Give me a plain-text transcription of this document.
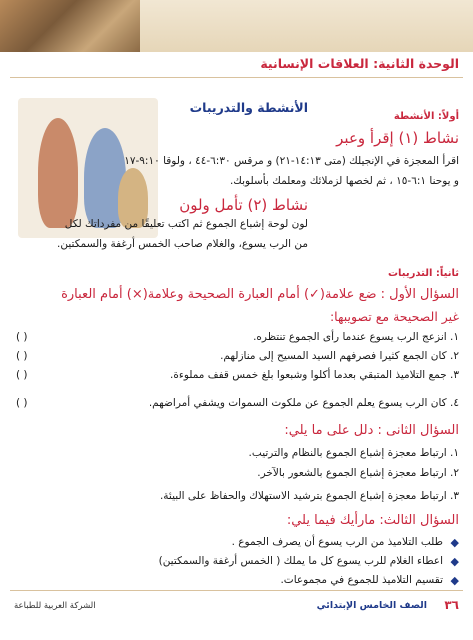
الوحدة الثانية: العلاقات الإنسانية
الأنشطة والتدريبات
أولاً: الأنشطة
نشاط (١) إقرأ وعبر
اقرأ المعجزة في الإنجيلك (متى ١٤:١٣-٢١) و مرقس ٦:٣٠-٤٤ ، ولوقا ٩:١٠-١٧
و يوحنا ٦:١-١٥ ، ثم لخصها لزملائك ومعلمك بأسلوبك.
نشاط (٢) تأمل ولون
لون لوحة إشباع الجموع ثم اكتب تعليقًا من مفرداتك لكل
من الرب يسوع، والغلام صاحب الخمس أرغفة والسمكتين.
ثانياً: التدريبات
السؤال الأول : ضع علامة(✓) أمام العبارة الصحيحة وعلامة(×) أمام العبارة
غير الصحيحة مع تصويبها:
١. انزعج الرب يسوع عندما رأى الجموع تنتظره.
( )
٢. كان الجمع كثيرا فصرفهم السيد المسيح إلى منازلهم.
( )
٣. جمع التلاميذ المتبقي بعدما أكلوا وشبعوا بلغ خمس قفف مملوءة.
( )
٤. كان الرب يسوع يعلم الجموع عن ملكوت السموات ويشفي أمراضهم.
( )
السؤال الثانى : دلل على ما يلي:
١. ارتباط معجزة إشباع الجموع بالنظام والترتيب.
٢. ارتباط معجزة إشباع الجموع بالشعور بالآخر.
٣. ارتباط معجزة إشباع الجموع بترشيد الاستهلاك والحفاظ على البيئة.
السؤال الثالث: مارأيك فيما يلي:
◆
طلب التلاميذ من الرب يسوع أن يصرف الجموع .
◆
اعطاء الغلام للرب يسوع كل ما يملك ( الخمس أرغفة والسمكتين)
◆
تقسيم التلاميذ للجموع في مجموعات.
٣٦
الصف الخامس الإبتدائي
الشركة العربية للطباعة
